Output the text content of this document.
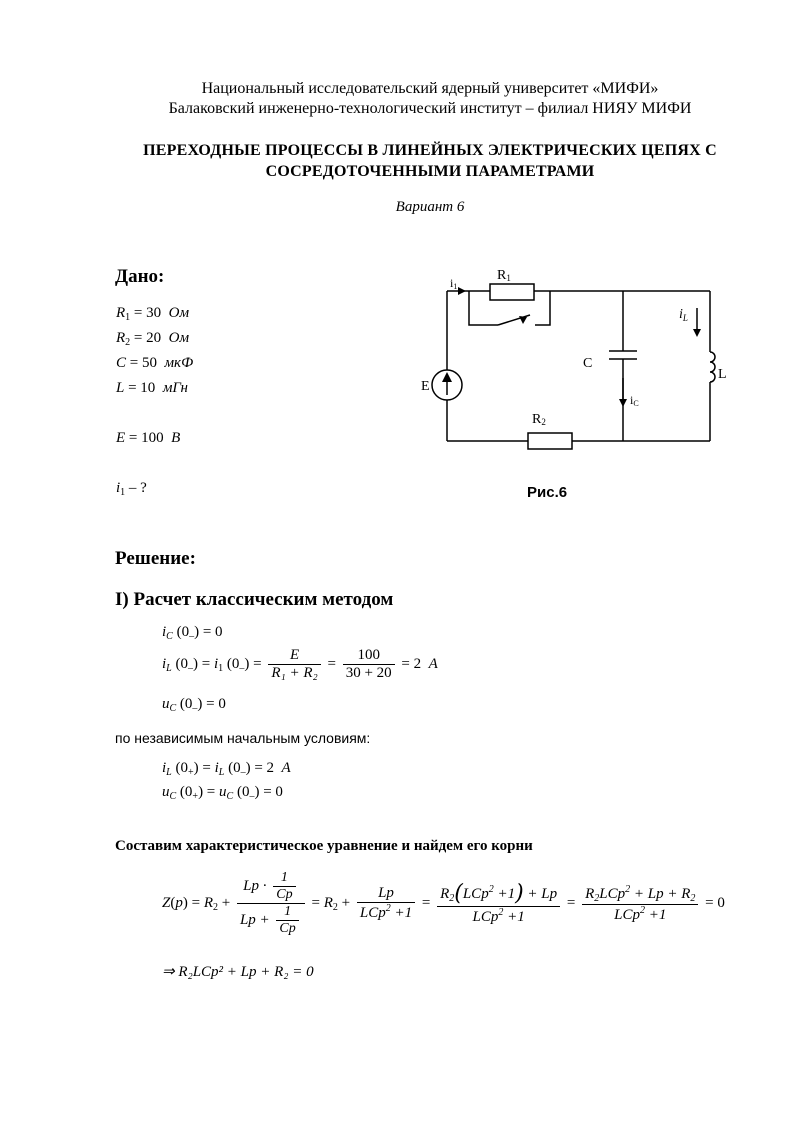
Национальный исследовательский ядерный университет «МИФИ»
Балаковский инженерно-технологический институт – филиал НИЯУ МИФИ
ПЕРЕХОДНЫЕ ПРОЦЕССЫ В ЛИНЕЙНЫХ ЭЛЕКТРИЧЕСКИХ ЦЕПЯХ С
СОСРЕДОТОЧЕННЫМИ ПАРАМЕТРАМИ
Вариант 6
Дано:
$R_1 = 30$ Ом
$R_2 = 20$ Ом
C = 50 мкФ
L = 10 мГн
E = 100 В
$i_1$ – ?
R1
R2
C
L
E
i1
$i_L$
iC
Рис.6
Решение:
I) Расчет классическим методом
$i_C$ $(0_-) = 0$
$i_L$ $(0_-) = i_1$ $(0_-) = \frac{E}{\text{R₁ + R₂}} = \frac{100}{30 + 20} = 2$ A
$u_C$ $(0_-) = 0$
по независимым начальным условиям:
$i_L$ $(0_+) = i_L$ $(0_-) = 2$ A
$u_C$ $(0_+) = u_C$ $(0_-) = 0$
Составим характеристическое уравнение и найдем его корни
$Z(p) = R_2 + \frac{Lp \cdot \frac{1}{Cp}}{Lp + \frac{1}{Cp}} = R_2 + \frac{Lp}{LCp^2 +1} = \frac{R_2(LCp^2 +1) + Lp}{LCp^2 +1} = \frac{R_2LCp^2 + Lp + R_2}{LCp^2 +1} = 0$
⇒ R₂LCp² + Lp + R₂ = 0
